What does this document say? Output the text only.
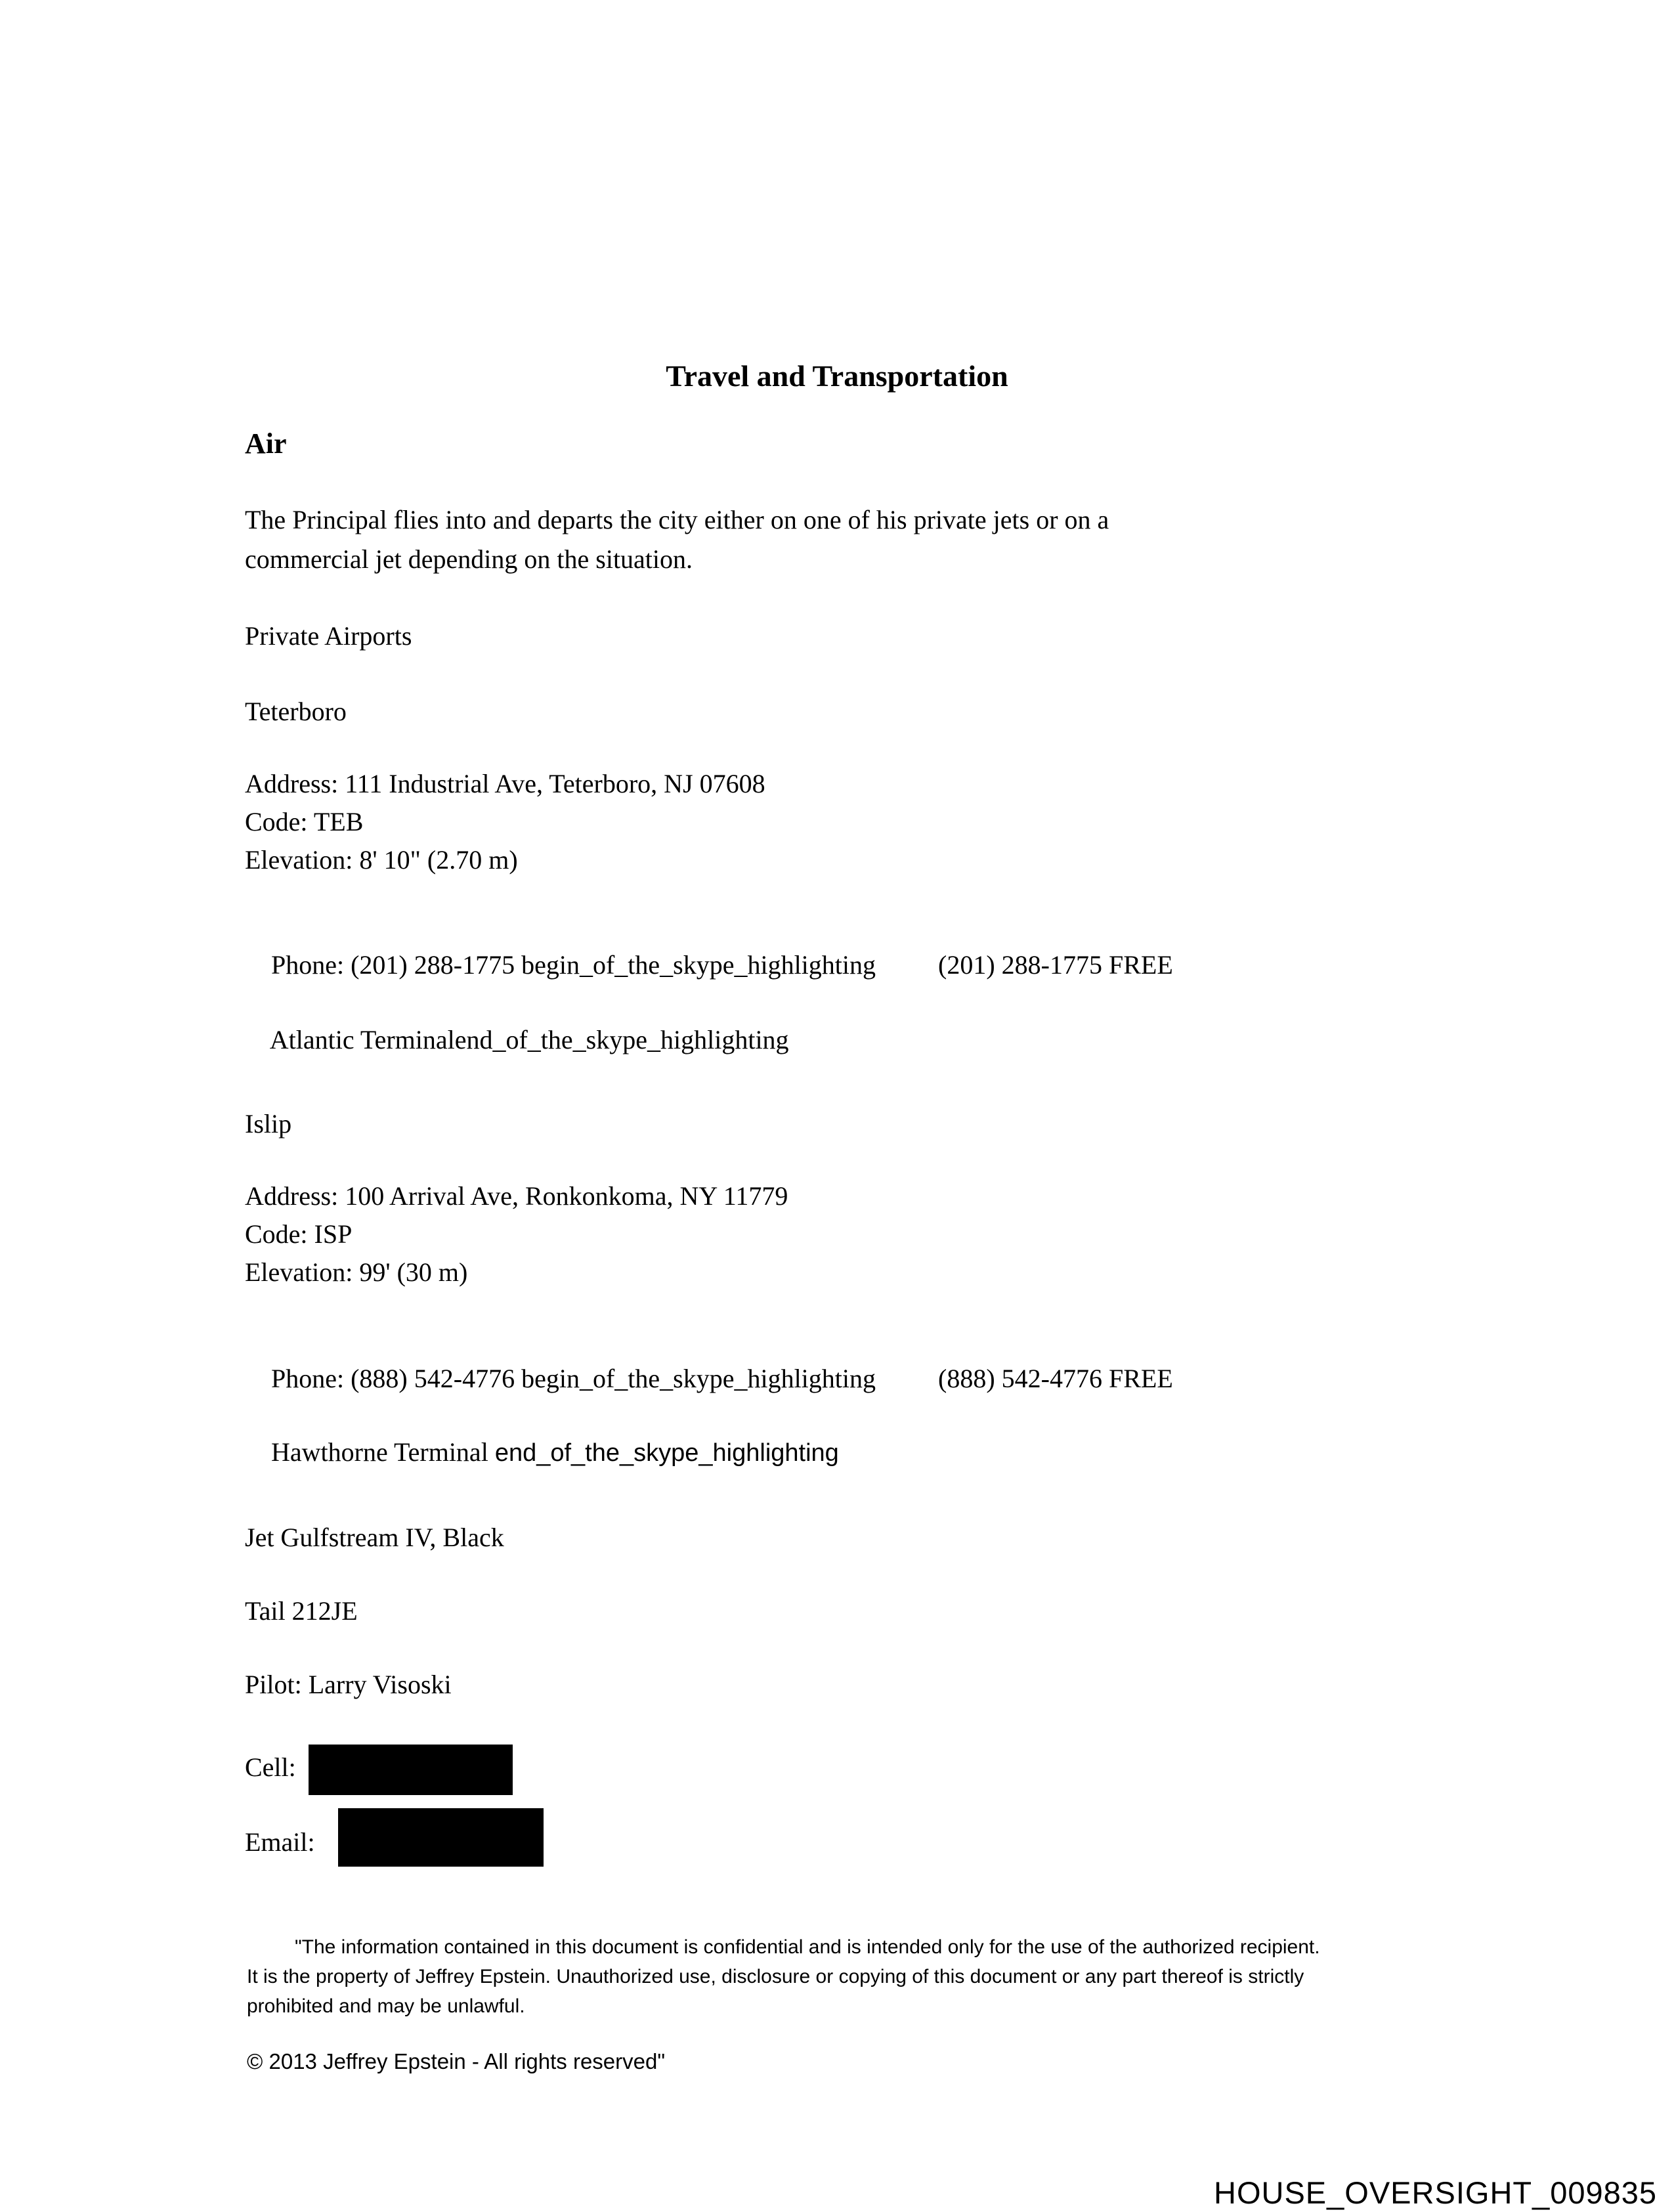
Travel and Transportation
Air
The Principal flies into and departs the city either on one of his private jets or on a
commercial jet depending on the situation.
Private Airports
Teterboro
Address: 111 Industrial Ave, Teterboro, NJ 07608
Code: TEB
Elevation: 8' 10" (2.70 m)

Phone: (201) 288-1775 begin_of_the_skype_highlighting (201) 288-1775 FREE

Atlantic Terminalend_of_the_skype_highlighting

Islip
Address: 100 Arrival Ave, Ronkonkoma, NY 11779
Code: ISP
Elevation: 99' (30 m)

Phone: (888) 542-4776 begin_of_the_skype_highlighting (888) 542-4776 FREE

Hawthorne Terminal end_of_the_skype_highlighting

Jet Gulfstream IV, Black
Tail 212JE
Pilot: Larry Visoski
Cell:
Email:
"The information contained in this document is confidential and is intended only for the use of the authorized recipient.
It is the property of Jeffrey Epstein. Unauthorized use, disclosure or copying of this document or any part thereof is strictly
prohibited and may be unlawful.
© 2013 Jeffrey Epstein - All rights reserved"
HOUSE_OVERSIGHT_009835
